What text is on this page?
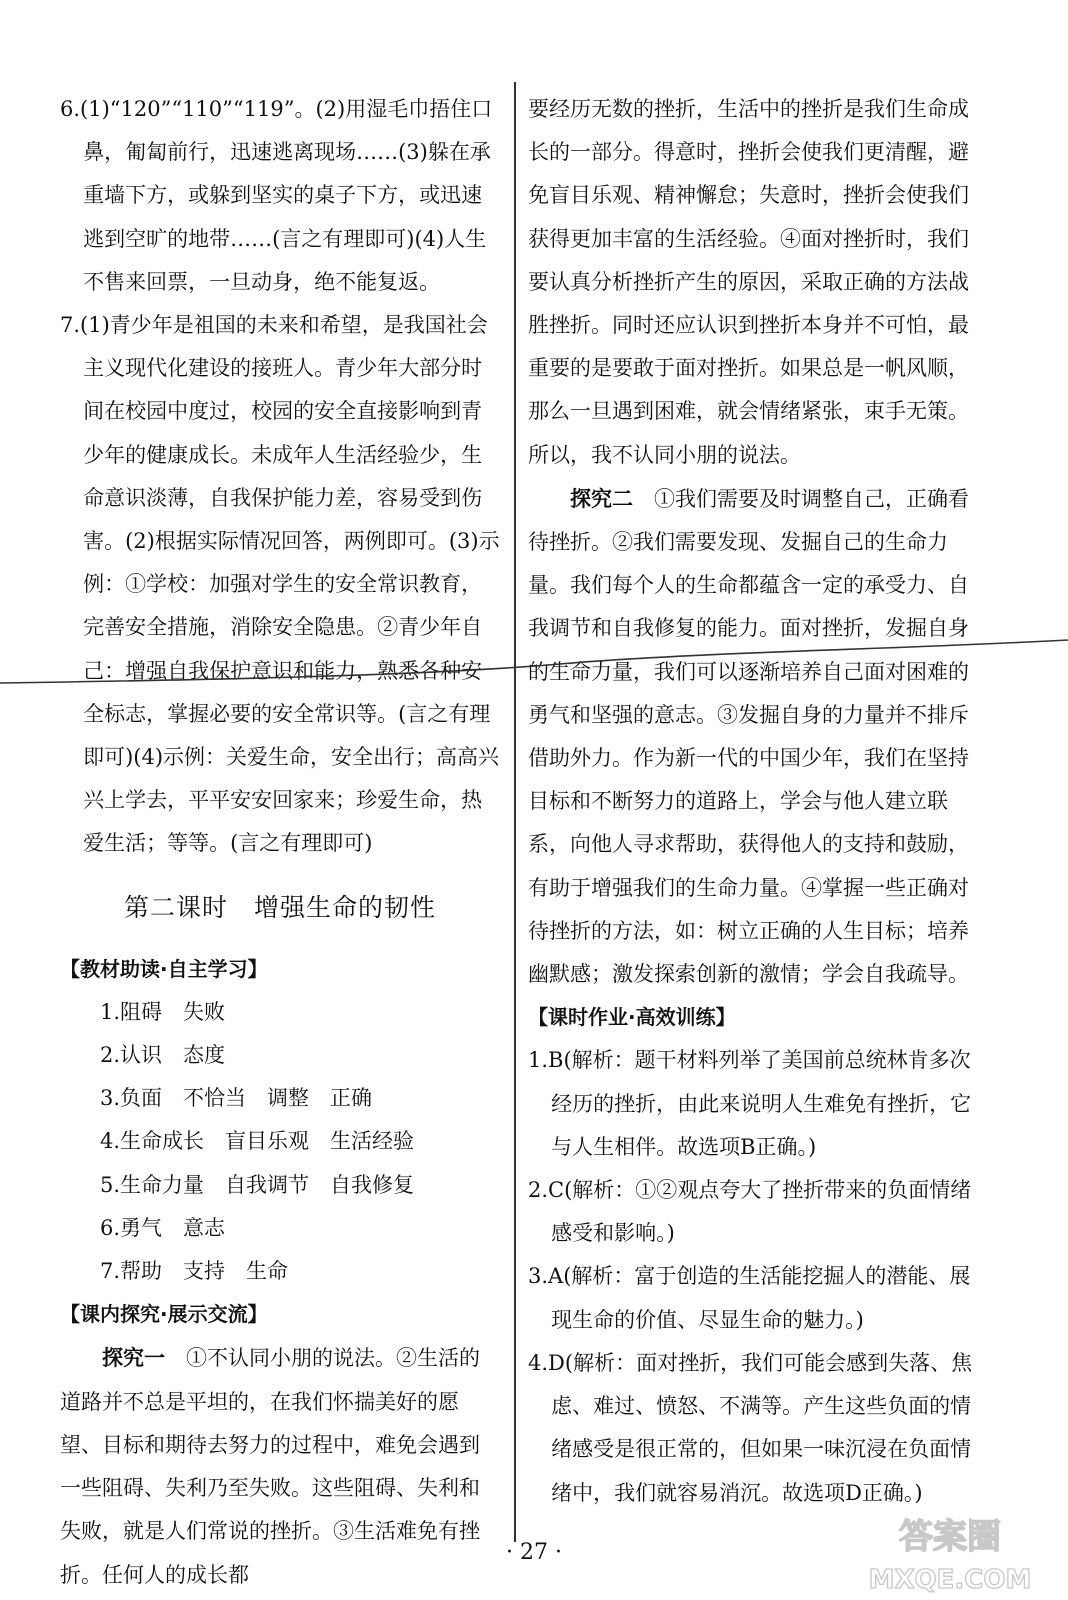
6.(1)“120”“110”“119”。(2)用湿毛巾捂住口鼻，匍匐前行，迅速逃离现场……(3)躲在承重墙下方，或躲到坚实的桌子下方，或迅速逃到空旷的地带……(言之有理即可)(4)人生不售来回票，一旦动身，绝不能复返。

7.(1)青少年是祖国的未来和希望，是我国社会主义现代化建设的接班人。青少年大部分时间在校园中度过，校园的安全直接影响到青少年的健康成长。未成年人生活经验少，生命意识淡薄，自我保护能力差，容易受到伤害。(2)根据实际情况回答，两例即可。(3)示例：①学校：加强对学生的安全常识教育，完善安全措施，消除安全隐患。②青少年自己：增强自我保护意识和能力，熟悉各种安全标志，掌握必要的安全常识等。(言之有理即可)(4)示例：关爱生命，安全出行；高高兴兴上学去，平平安安回家来；珍爱生命，热爱生活；等等。(言之有理即可)

第二课时　增强生命的韧性

【教材助读·自主学习】

1.阻碍　失败

2.认识　态度

3.负面　不恰当　调整　正确

4.生命成长　盲目乐观　生活经验

5.生命力量　自我调节　自我修复

6.勇气　意志

7.帮助　支持　生命

【课内探究·展示交流】

探究一　①不认同小朋的说法。②生活的道路并不总是平坦的，在我们怀揣美好的愿望、目标和期待去努力的过程中，难免会遇到一些阻碍、失利乃至失败。这些阻碍、失利和失败，就是人们常说的挫折。③生活难免有挫折。任何人的成长都

要经历无数的挫折，生活中的挫折是我们生命成长的一部分。得意时，挫折会使我们更清醒，避免盲目乐观、精神懈怠；失意时，挫折会使我们获得更加丰富的生活经验。④面对挫折时，我们要认真分析挫折产生的原因，采取正确的方法战胜挫折。同时还应认识到挫折本身并不可怕，最重要的是要敢于面对挫折。如果总是一帆风顺，那么一旦遇到困难，就会情绪紧张，束手无策。所以，我不认同小朋的说法。

探究二　①我们需要及时调整自己，正确看待挫折。②我们需要发现、发掘自己的生命力量。我们每个人的生命都蕴含一定的承受力、自我调节和自我修复的能力。面对挫折，发掘自身的生命力量，我们可以逐渐培养自己面对困难的勇气和坚强的意志。③发掘自身的力量并不排斥借助外力。作为新一代的中国少年，我们在坚持目标和不断努力的道路上，学会与他人建立联系，向他人寻求帮助，获得他人的支持和鼓励，有助于增强我们的生命力量。④掌握一些正确对待挫折的方法，如：树立正确的人生目标；培养幽默感；激发探索创新的激情；学会自我疏导。

【课时作业·高效训练】

1.B(解析：题干材料列举了美国前总统林肯多次经历的挫折，由此来说明人生难免有挫折，它与人生相伴。故选项B正确。)

2.C(解析：①②观点夸大了挫折带来的负面情绪感受和影响。)

3.A(解析：富于创造的生活能挖掘人的潜能、展现生命的价值、尽显生命的魅力。)

4.D(解析：面对挫折，我们可能会感到失落、焦虑、难过、愤怒、不满等。产生这些负面的情绪感受是很正常的，但如果一味沉浸在负面情绪中，我们就容易消沉。故选项D正确。)

· 27 ·	答案圈
MXQE.COM
